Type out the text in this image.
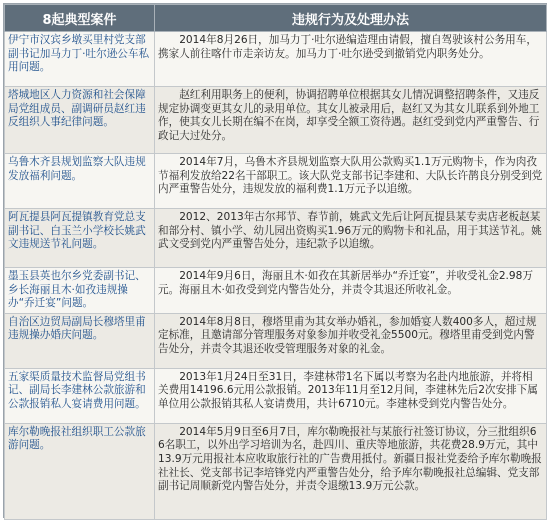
8起典型案件	违规行为及处理办法
伊宁市汉宾乡墩买里村党支部副书记加马力丁·吐尔逊公车私用问题。	2014年8月26日，加马力丁·吐尔逊编造理由请假，擅自驾驶该村公务用车，携家人前往喀什市走亲访友。加马力丁·吐尔逊受到撤销党内职务处分。
塔城地区人力资源和社会保障局党组成员、副调研员赵红违反组织人事纪律问题。	赵红利用职务上的便利，协调招聘单位根据其女儿情况调整招聘条件，又违反规定协调变更其女儿的录用单位。其女儿被录用后，赵红又为其女儿联系到外地工作，使其女儿长期在编不在岗，却享受全额工资待遇。赵红受到党内严重警告、行政记大过处分。
乌鲁木齐县规划监察大队违规发放福利问题。	2014年7月，乌鲁木齐县规划监察大队用公款购买1.1万元购物卡，作为肉孜节福利发放给22名干部职工。该大队党支部书记李建和、大队长许鹊良分别受到党内严重警告处分，违规发放的福利费1.1万元予以追缴。
阿瓦提县阿瓦提镇教育党总支副书记、白玉兰小学校长姚武文违规送节礼问题。	2012、2013年古尔邦节、春节前，姚武文先后让阿瓦提县某专卖店老板赵某和部分村、镇小学、幼儿园出资购买1.96万元的购物卡和礼品，用于其送节礼。姚武文受到党内严重警告处分，违纪款予以追缴。
墨玉县英也尔乡党委副书记、乡长海丽且木·如孜违规操办“乔迁宴”问题。	2014年9月6日，海丽且木·如孜在其新居举办“乔迁宴”，并收受礼金2.98万元。海丽且木·如孜受到党内警告处分，并责令其退还所收礼金。
自治区边贸局副局长穆塔里甫违规操办婚庆问题。	2014年8月8日，穆塔里甫为其女举办婚礼，参加婚宴人数400多人，超过规定标准，且邀请部分管理服务对象参加并收受礼金5500元。穆塔里甫受到党内警告处分，并责令其退还收受管理服务对象的礼金。
五家渠质量技术监督局党组书记、副局长李建林公款旅游和公款报销私人宴请费用问题。	2013年1月24日至31日，李建林带1名下属以考察为名赴内地旅游，并将相关费用14196.6元用公款报销。2013年11月至12月间，李建林先后2次安排下属单位用公款报销其私人宴请费用，共计6710元。李建林受到党内警告处分。
库尔勒晚报社组织职工公款旅游问题。	2014年5月9日至6月7日，库尔勒晚报社与某旅行社签订协议，分三批组织66名职工，以外出学习培训为名，赴四川、重庆等地旅游，共花费28.9万元，其中13.9万元用报社本应收取旅行社的广告费用抵付。新疆日报社党委给予库尔勒晚报社社长、党支部书记李培锋党内严重警告处分，给予库尔勒晚报社总编辑、党支部副书记周顺新党内警告处分，并责令退缴13.9万元公款。
